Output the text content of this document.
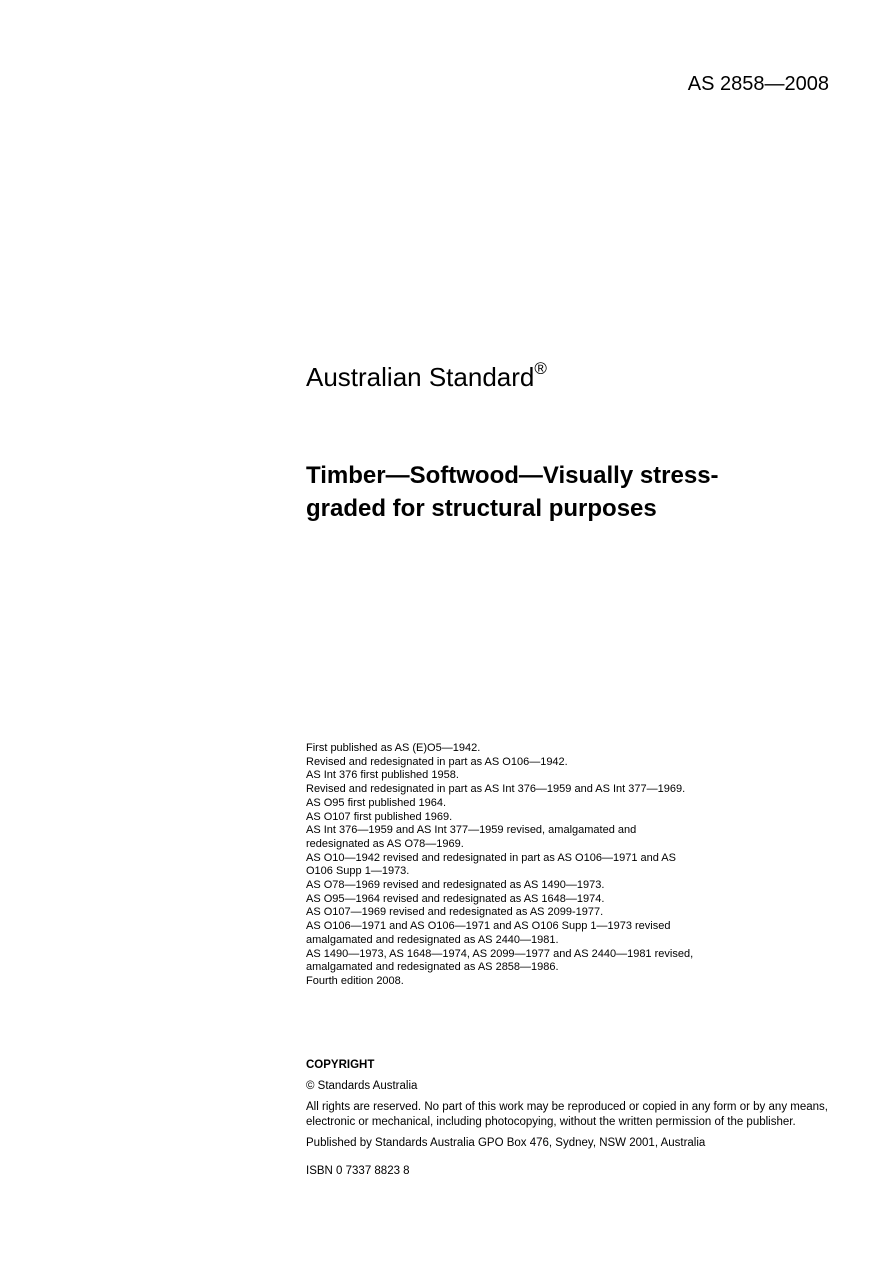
AS 2858—2008
Australian Standard®
Timber—Softwood—Visually stress-
graded for structural purposes
First published as AS (E)O5—1942.
Revised and redesignated in part as AS O106—1942.
AS Int 376 first published 1958.
Revised and redesignated in part as AS Int 376—1959 and AS Int 377—1969.
AS O95 first published 1964.
AS O107 first published 1969.
AS Int 376—1959 and AS Int 377—1959 revised, amalgamated and
redesignated as AS O78—1969.
AS O10—1942 revised and redesignated in part as AS O106—1971 and AS
O106 Supp 1—1973.
AS O78—1969 revised and redesignated as AS 1490—1973.
AS O95—1964 revised and redesignated as AS 1648—1974.
AS O107—1969 revised and redesignated as AS 2099-1977.
AS O106—1971 and AS O106—1971 and AS O106 Supp 1—1973 revised
amalgamated and redesignated as AS 2440—1981.
AS 1490—1973, AS 1648—1974, AS 2099—1977 and AS 2440—1981 revised,
amalgamated and redesignated as AS 2858—1986.
Fourth edition 2008.
COPYRIGHT
© Standards Australia
All rights are reserved. No part of this work may be reproduced or copied in any form or by any means, electronic or mechanical, including photocopying, without the written permission of the publisher.
Published by Standards Australia GPO Box 476, Sydney, NSW 2001, Australia
ISBN 0 7337 8823 8
